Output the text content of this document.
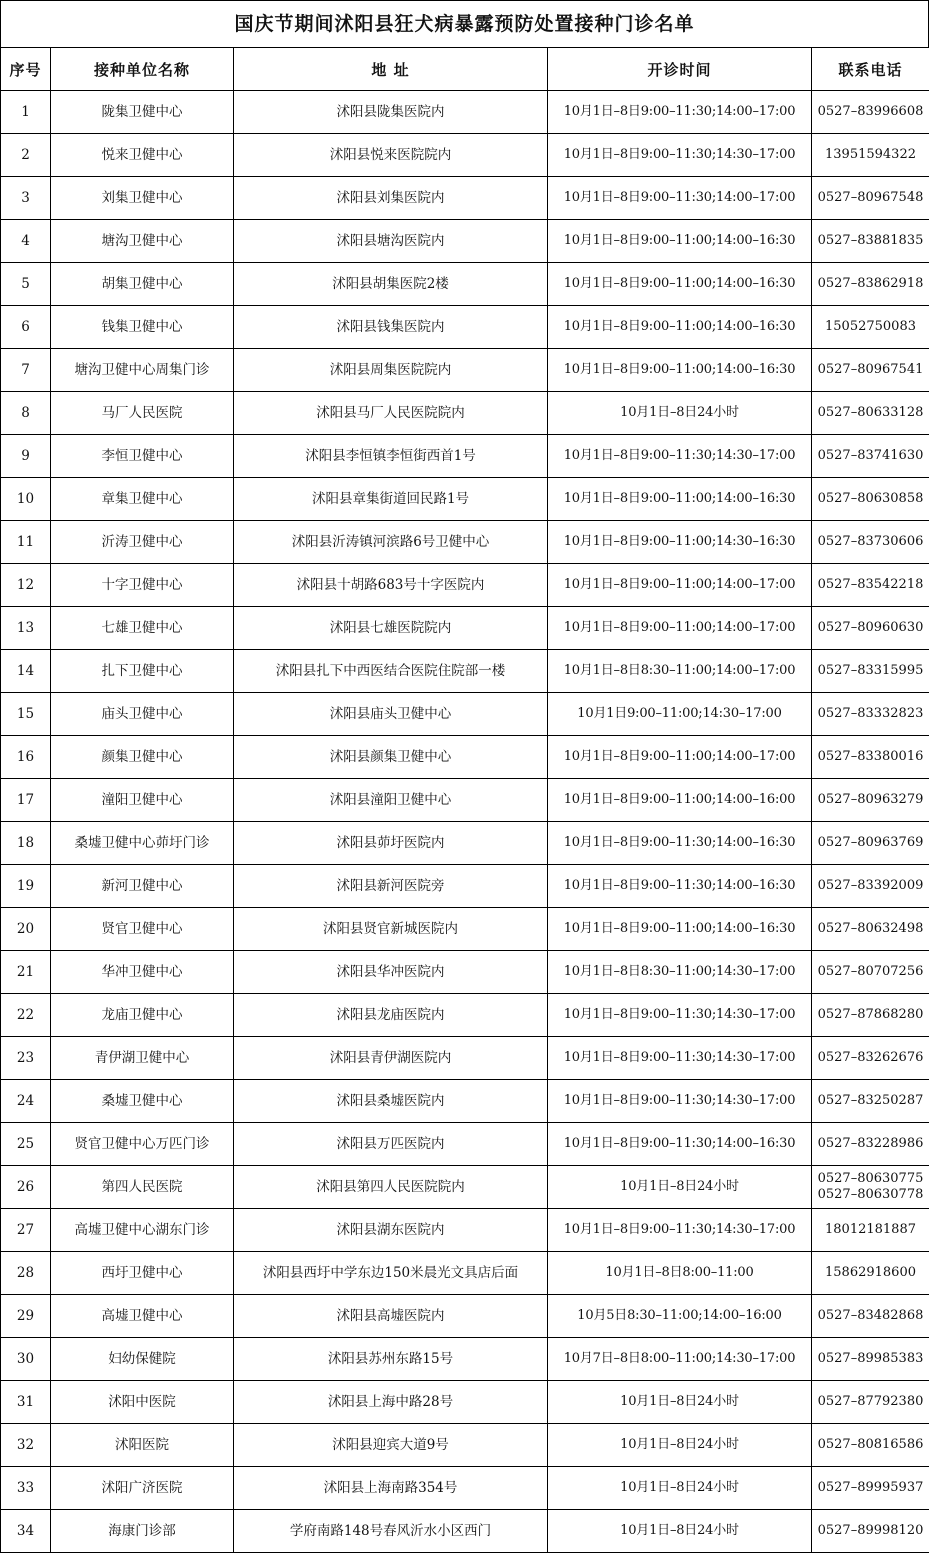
国庆节期间沭阳县狂犬病暴露预防处置接种门诊名单
序号	接种单位名称	地 址	开诊时间	联系电话
1	陇集卫健中心	沭阳县陇集医院内	10月1日–8日9:00–11:30;14:00–17:00	0527–83996608

2	悦来卫健中心	沭阳县悦来医院院内	10月1日–8日9:00–11:30;14:30–17:00	13951594322

3	刘集卫健中心	沭阳县刘集医院内	10月1日–8日9:00–11:30;14:00–17:00	0527–80967548

4	塘沟卫健中心	沭阳县塘沟医院内	10月1日–8日9:00–11:00;14:00–16:30	0527–83881835

5	胡集卫健中心	沭阳县胡集医院2楼	10月1日–8日9:00–11:00;14:00–16:30	0527–83862918

6	钱集卫健中心	沭阳县钱集医院内	10月1日–8日9:00–11:00;14:00–16:30	15052750083

7	塘沟卫健中心周集门诊	沭阳县周集医院院内	10月1日–8日9:00–11:00;14:00–16:30	0527–80967541

8	马厂人民医院	沭阳县马厂人民医院院内	10月1日–8日24小时	0527–80633128

9	李恒卫健中心	沭阳县李恒镇李恒街西首1号	10月1日–8日9:00–11:30;14:30–17:00	0527–83741630

10	章集卫健中心	沭阳县章集街道回民路1号	10月1日–8日9:00–11:00;14:00–16:30	0527–80630858

11	沂涛卫健中心	沭阳县沂涛镇河滨路6号卫健中心	10月1日–8日9:00–11:00;14:30–16:30	0527–83730606

12	十字卫健中心	沭阳县十胡路683号十字医院内	10月1日–8日9:00–11:00;14:00–17:00	0527–83542218

13	七雄卫健中心	沭阳县七雄医院院内	10月1日–8日9:00–11:00;14:00–17:00	0527–80960630

14	扎下卫健中心	沭阳县扎下中西医结合医院住院部一楼	10月1日–8日8:30–11:00;14:00–17:00	0527–83315995

15	庙头卫健中心	沭阳县庙头卫健中心	10月1日9:00–11:00;14:30–17:00	0527–83332823

16	颜集卫健中心	沭阳县颜集卫健中心	10月1日–8日9:00–11:00;14:00–17:00	0527–83380016

17	潼阳卫健中心	沭阳县潼阳卫健中心	10月1日–8日9:00–11:00;14:00–16:00	0527–80963279

18	桑墟卫健中心茆圩门诊	沭阳县茆圩医院内	10月1日–8日9:00–11:30;14:00–16:30	0527–80963769

19	新河卫健中心	沭阳县新河医院旁	10月1日–8日9:00–11:30;14:00–16:30	0527–83392009

20	贤官卫健中心	沭阳县贤官新城医院内	10月1日–8日9:00–11:00;14:00–16:30	0527–80632498

21	华冲卫健中心	沭阳县华冲医院内	10月1日–8日8:30–11:00;14:30–17:00	0527–80707256

22	龙庙卫健中心	沭阳县龙庙医院内	10月1日–8日9:00–11:30;14:30–17:00	0527–87868280

23	青伊湖卫健中心	沭阳县青伊湖医院内	10月1日–8日9:00–11:30;14:30–17:00	0527–83262676

24	桑墟卫健中心	沭阳县桑墟医院内	10月1日–8日9:00–11:30;14:30–17:00	0527–83250287

25	贤官卫健中心万匹门诊	沭阳县万匹医院内	10月1日–8日9:00–11:30;14:00–16:30	0527–83228986

26	第四人民医院	沭阳县第四人民医院院内	10月1日–8日24小时	0527–80630775
0527–80630778

27	高墟卫健中心湖东门诊	沭阳县湖东医院内	10月1日–8日9:00–11:30;14:30–17:00	18012181887

28	西圩卫健中心	沭阳县西圩中学东边150米晨光文具店后面	10月1日–8日8:00–11:00	15862918600

29	高墟卫健中心	沭阳县高墟医院内	10月5日8:30–11:00;14:00–16:00	0527–83482868

30	妇幼保健院	沭阳县苏州东路15号	10月7日–8日8:00–11:00;14:30–17:00	0527–89985383

31	沭阳中医院	沭阳县上海中路28号	10月1日–8日24小时	0527–87792380

32	沭阳医院	沭阳县迎宾大道9号	10月1日–8日24小时	0527–80816586

33	沭阳广济医院	沭阳县上海南路354号	10月1日–8日24小时	0527–89995937

34	海康门诊部	学府南路148号春风沂水小区西门	10月1日–8日24小时	0527–89998120
